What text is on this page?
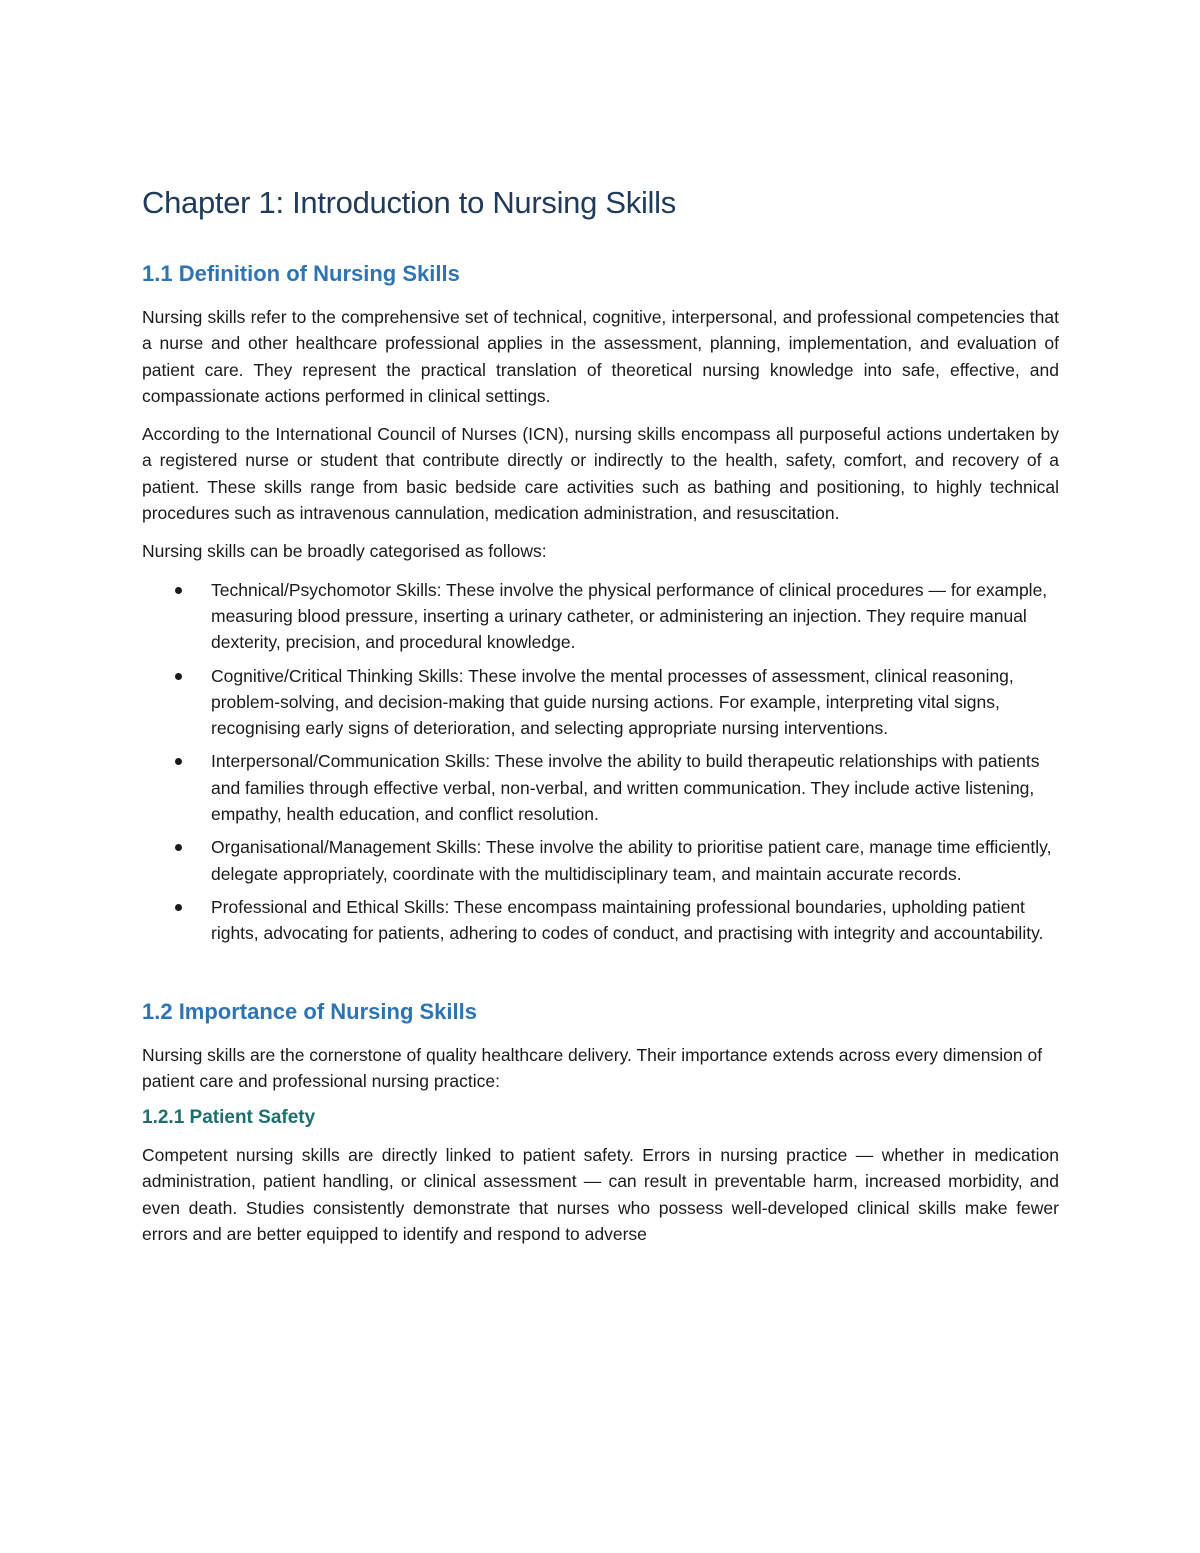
Chapter 1: Introduction to Nursing Skills
1.1 Definition of Nursing Skills

Nursing skills refer to the comprehensive set of technical, cognitive, interpersonal, and professional competencies that a nurse and other healthcare professional applies in the assessment, planning, implementation, and evaluation of patient care. They represent the practical translation of theoretical nursing knowledge into safe, effective, and compassionate actions performed in clinical settings.

According to the International Council of Nurses (ICN), nursing skills encompass all purposeful actions undertaken by a registered nurse or student that contribute directly or indirectly to the health, safety, comfort, and recovery of a patient. These skills range from basic bedside care activities such as bathing and positioning, to highly technical procedures such as intravenous cannulation, medication administration, and resuscitation.

Nursing skills can be broadly categorised as follows:

Technical/Psychomotor Skills: These involve the physical performance of clinical procedures — for example, measuring blood pressure, inserting a urinary catheter, or administering an injection. They require manual dexterity, precision, and procedural knowledge.
Cognitive/Critical Thinking Skills: These involve the mental processes of assessment, clinical reasoning, problem-solving, and decision-making that guide nursing actions. For example, interpreting vital signs, recognising early signs of deterioration, and selecting appropriate nursing interventions.
Interpersonal/Communication Skills: These involve the ability to build therapeutic relationships with patients and families through effective verbal, non-verbal, and written communication. They include active listening, empathy, health education, and conflict resolution.
Organisational/Management Skills: These involve the ability to prioritise patient care, manage time efficiently, delegate appropriately, coordinate with the multidisciplinary team, and maintain accurate records.
Professional and Ethical Skills: These encompass maintaining professional boundaries, upholding patient rights, advocating for patients, adhering to codes of conduct, and practising with integrity and accountability.
1.2 Importance of Nursing Skills

Nursing skills are the cornerstone of quality healthcare delivery. Their importance extends across every dimension of patient care and professional nursing practice:

1.2.1 Patient Safety

Competent nursing skills are directly linked to patient safety. Errors in nursing practice — whether in medication administration, patient handling, or clinical assessment — can result in preventable harm, increased morbidity, and even death. Studies consistently demonstrate that nurses who possess well-developed clinical skills make fewer errors and are better equipped to identify and respond to adverse
